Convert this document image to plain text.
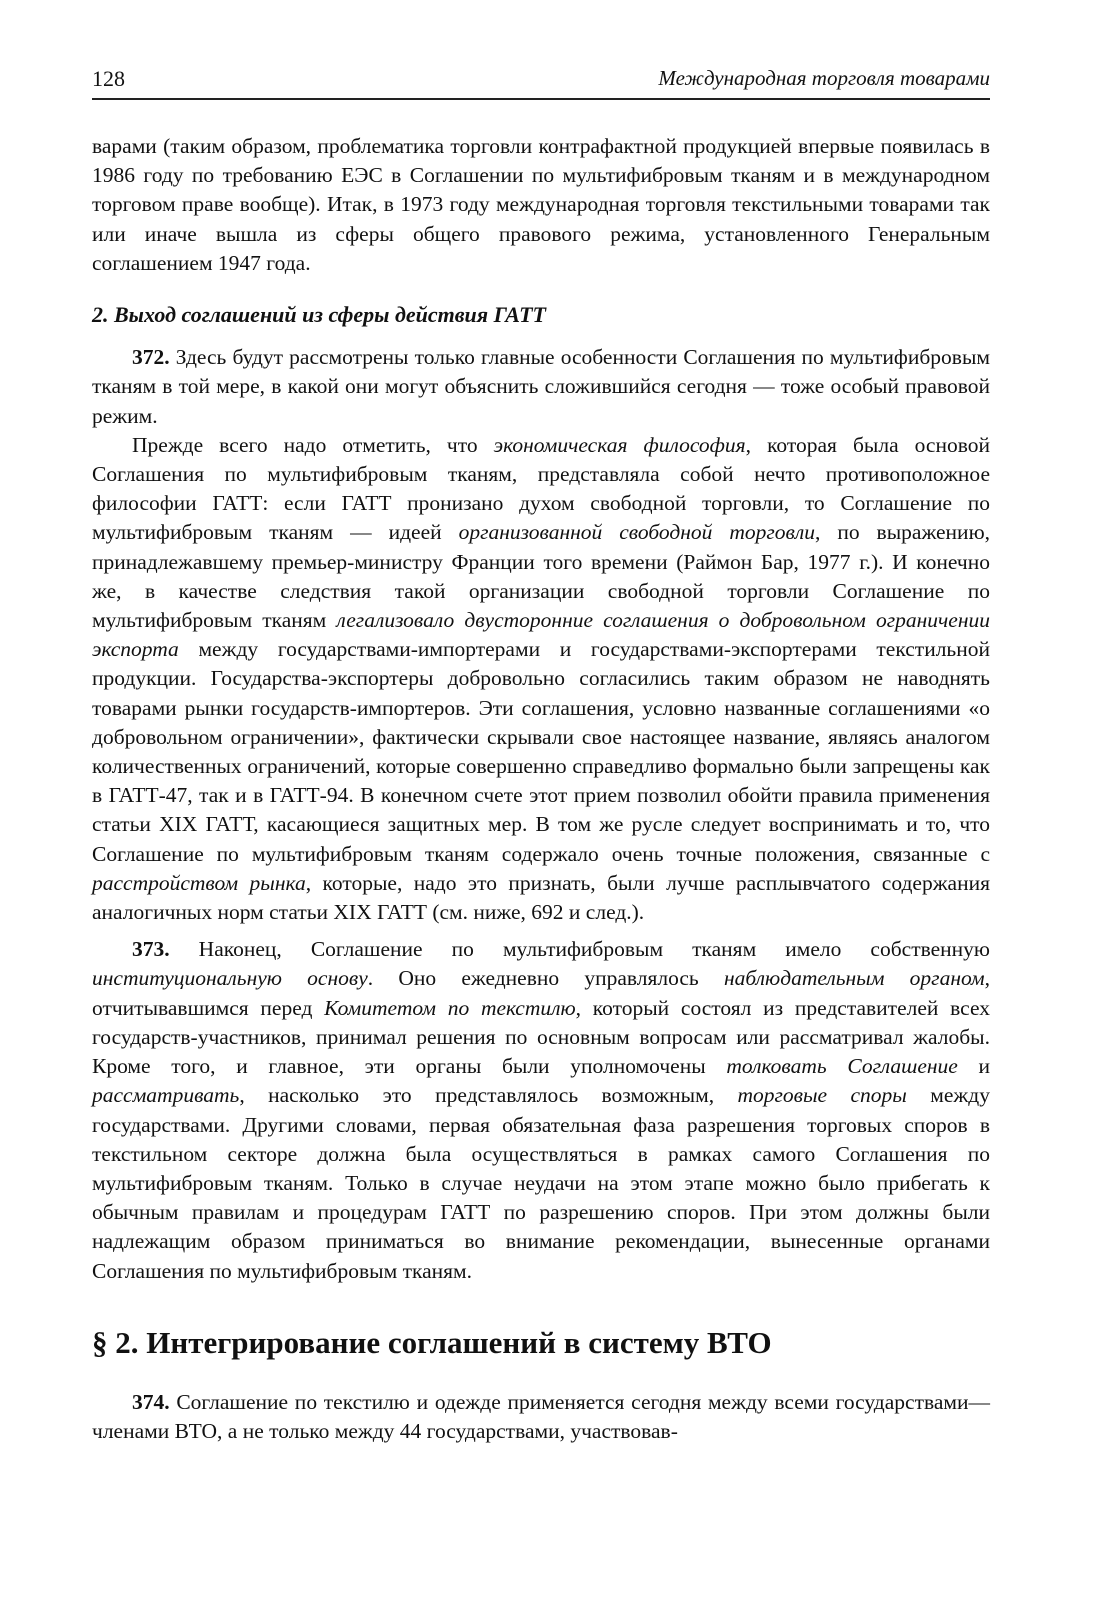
128	Международная торговля товарами

варами (таким образом, проблематика торговли контрафактной продукцией впервые появилась в 1986 году по требованию ЕЭС в Соглашении по мультифибровым тканям и в международном торговом праве вообще). Итак, в 1973 году международная торговля текстильными товарами так или иначе вышла из сферы общего правового режима, установленного Генеральным соглашением 1947 года.

2. Выход соглашений из сферы действия ГАТТ

372. Здесь будут рассмотрены только главные особенности Соглашения по мультифибровым тканям в той мере, в какой они могут объяснить сложившийся сегодня — тоже особый правовой режим.

Прежде всего надо отметить, что экономическая философия, которая была основой Соглашения по мультифибровым тканям, представляла собой нечто противоположное философии ГАТТ: если ГАТТ пронизано духом свободной торговли, то Соглашение по мультифибровым тканям — идеей организованной свободной торговли, по выражению, принадлежавшему премьер-министру Франции того времени (Раймон Бар, 1977 г.). И конечно же, в качестве следствия такой организации свободной торговли Соглашение по мультифибровым тканям легализовало двусторонние соглашения о добровольном ограничении экспорта между государствами-импортерами и государствами-экспортерами текстильной продукции. Государства-экспортеры добровольно согласились таким образом не наводнять товарами рынки государств-импортеров. Эти соглашения, условно названные соглашениями «о добровольном ограничении», фактически скрывали свое настоящее название, являясь аналогом количественных ограничений, которые совершенно справедливо формально были запрещены как в ГАТТ-47, так и в ГАТТ-94. В конечном счете этот прием позволил обойти правила применения статьи XIX ГАТТ, касающиеся защитных мер. В том же русле следует воспринимать и то, что Соглашение по мультифибровым тканям содержало очень точные положения, связанные с расстройством рынка, которые, надо это признать, были лучше расплывчатого содержания аналогичных норм статьи XIX ГАТТ (см. ниже, 692 и след.).

373. Наконец, Соглашение по мультифибровым тканям имело собственную институциональную основу. Оно ежедневно управлялось наблюдательным органом, отчитывавшимся перед Комитетом по текстилю, который состоял из представителей всех государств-участников, принимал решения по основным вопросам или рассматривал жалобы. Кроме того, и главное, эти органы были уполномочены толковать Соглашение и рассматривать, насколько это представлялось возможным, торговые споры между государствами. Другими словами, первая обязательная фаза разрешения торговых споров в текстильном секторе должна была осуществляться в рамках самого Соглашения по мультифибровым тканям. Только в случае неудачи на этом этапе можно было прибегать к обычным правилам и процедурам ГАТТ по разрешению споров. При этом должны были надлежащим образом приниматься во внимание рекомендации, вынесенные органами Соглашения по мультифибровым тканям.

§ 2. Интегрирование соглашений в систему ВТО

374. Соглашение по текстилю и одежде применяется сегодня между всеми государствами—членами ВТО, а не только между 44 государствами, участвовав-
